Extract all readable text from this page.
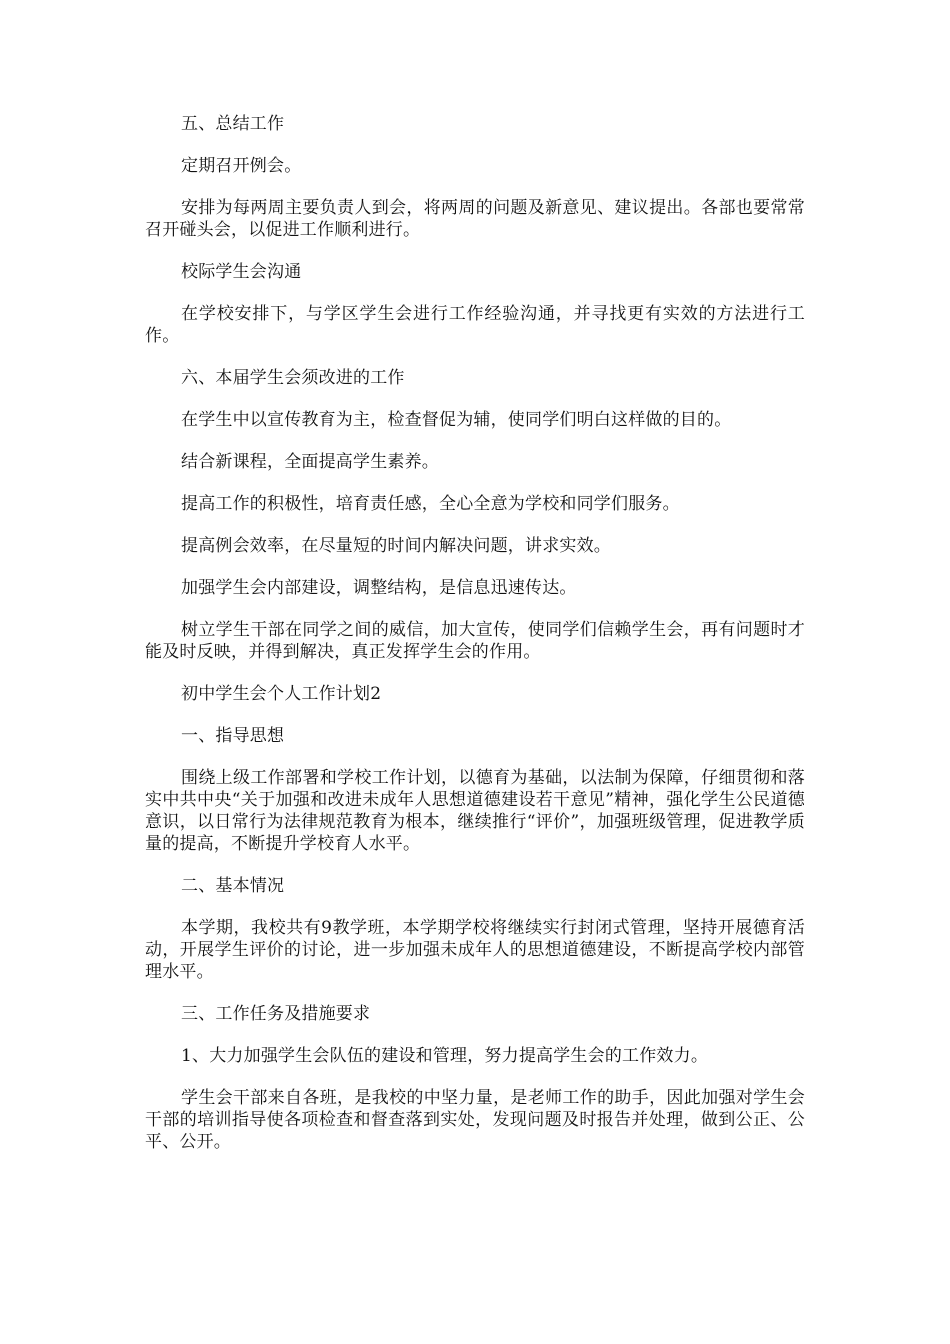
五、总结工作

定期召开例会。

安排为每两周主要负责人到会，将两周的问题及新意见、建议提出。各部也要常常召开碰头会，以促进工作顺利进行。

校际学生会沟通

在学校安排下，与学区学生会进行工作经验沟通，并寻找更有实效的方法进行工作。

六、本届学生会须改进的工作

在学生中以宣传教育为主，检查督促为辅，使同学们明白这样做的目的。

结合新课程，全面提高学生素养。

提高工作的积极性，培育责任感，全心全意为学校和同学们服务。

提高例会效率，在尽量短的时间内解决问题，讲求实效。

加强学生会内部建设，调整结构，是信息迅速传达。

树立学生干部在同学之间的威信，加大宣传，使同学们信赖学生会，再有问题时才能及时反映，并得到解决，真正发挥学生会的作用。

初中学生会个人工作计划2

一、指导思想

围绕上级工作部署和学校工作计划，以德育为基础，以法制为保障，仔细贯彻和落实中共中央“关于加强和改进未成年人思想道德建设若干意见”精神，强化学生公民道德意识，以日常行为法律规范教育为根本，继续推行“评价”，加强班级管理，促进教学质量的提高，不断提升学校育人水平。

二、基本情况

本学期，我校共有9教学班，本学期学校将继续实行封闭式管理，坚持开展德育活动，开展学生评价的讨论，进一步加强未成年人的思想道德建设，不断提高学校内部管理水平。

三、工作任务及措施要求

1、大力加强学生会队伍的建设和管理，努力提高学生会的工作效力。

学生会干部来自各班，是我校的中坚力量，是老师工作的助手，因此加强对学生会干部的培训指导使各项检查和督查落到实处，发现问题及时报告并处理，做到公正、公平、公开。
